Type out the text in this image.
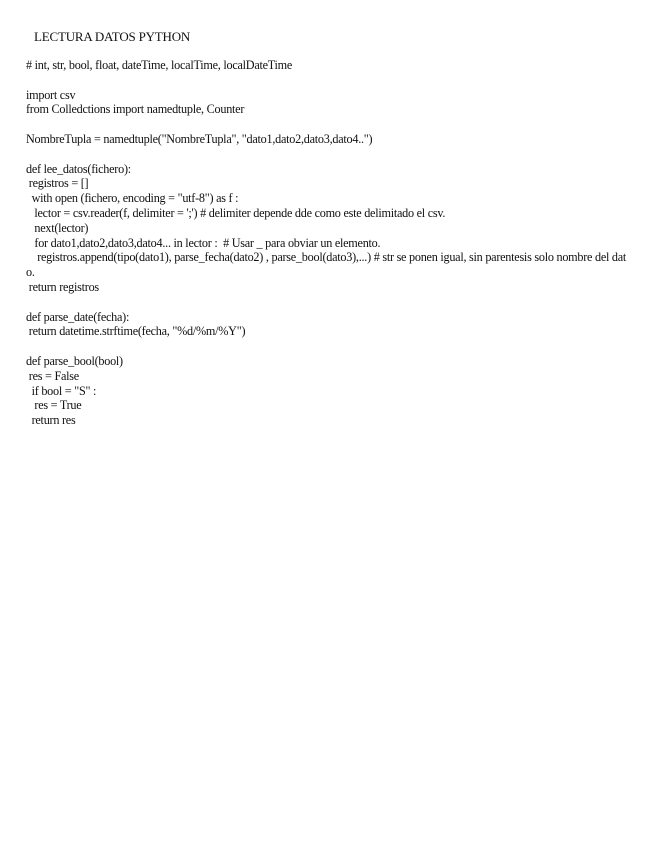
LECTURA DATOS PYTHON
# int, str, bool, float, dateTime, localTime, localDateTime
import csv
from Colledctions import namedtuple, Counter
NombreTupla = namedtuple("NombreTupla", "dato1,dato2,dato3,dato4..")
def lee_datos(fichero):
registros = []
with open (fichero, encoding = "utf-8") as f :
lector = csv.reader(f, delimiter = ';') # delimiter depende dde como este delimitado el csv.
next(lector)
for dato1,dato2,dato3,dato4... in lector :  # Usar _ para obviar un elemento.
registros.append(tipo(dato1), parse_fecha(dato2) , parse_bool(dato3),...) # str se ponen igual, sin parentesis solo nombre del dato.
return registros
def parse_date(fecha):
return datetime.strftime(fecha, "%d/%m/%Y")
def parse_bool(bool)
res = False
if bool = "S" :
res = True
return res
